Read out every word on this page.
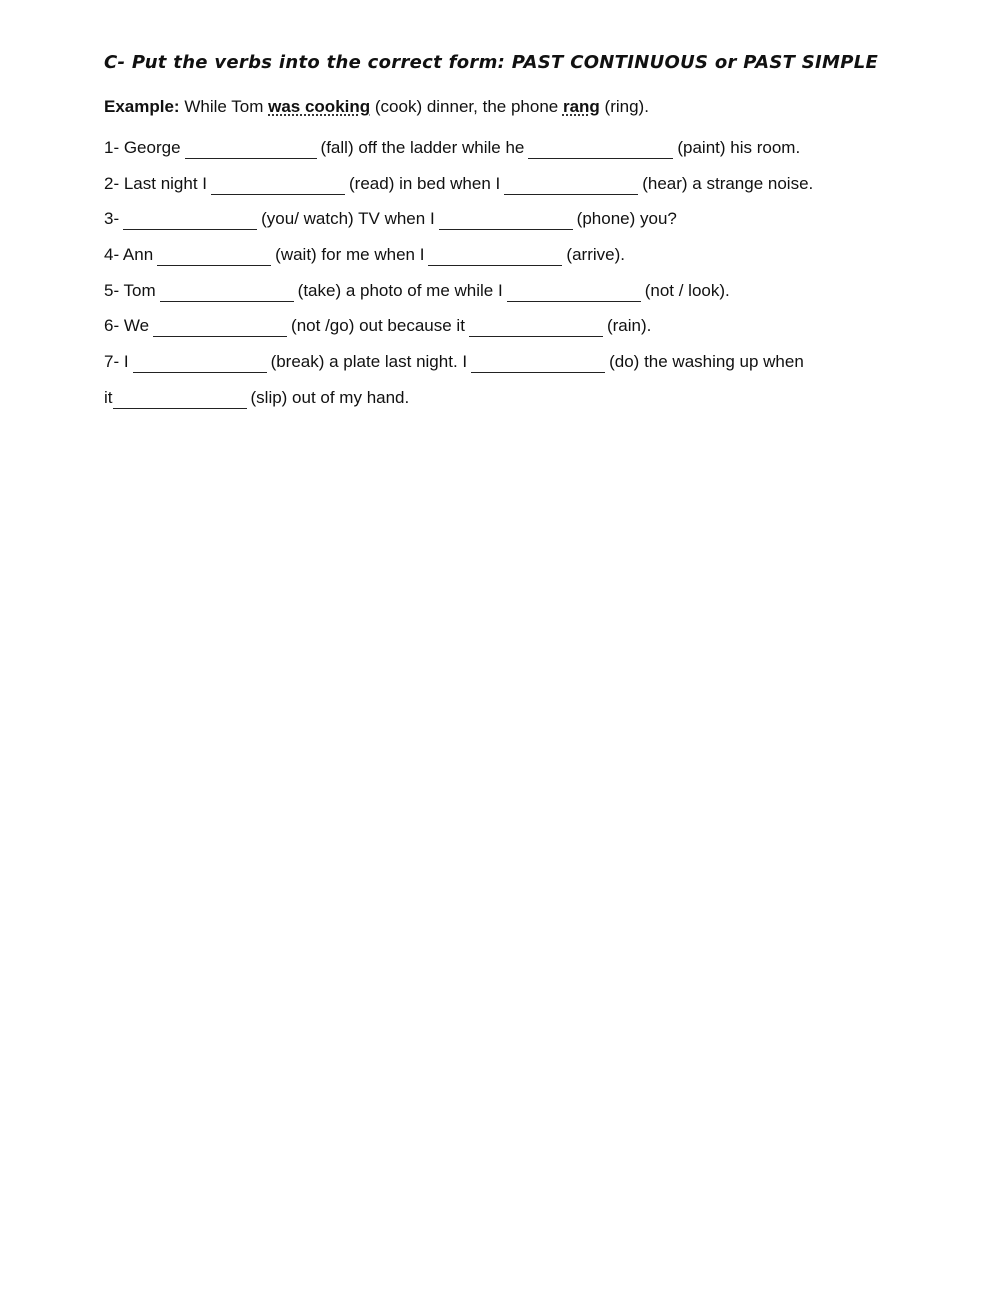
C- Put the verbs into the correct form: PAST CONTINUOUS or PAST SIMPLE
Example: While Tom was cooking (cook) dinner, the phone rang (ring).
1- George	(fall) off the ladder while he	(paint) his room.
2- Last night I	(read) in bed when I	(hear) a strange noise.
3-	(you/ watch) TV when I	(phone) you?
4- Ann	(wait) for me when I	(arrive).
5- Tom	(take) a photo of me while I	(not / look).
6- We	(not /go) out because it	(rain).
7- I	(break) a plate last night. I	(do) the washing up when
it	(slip) out of my hand.
